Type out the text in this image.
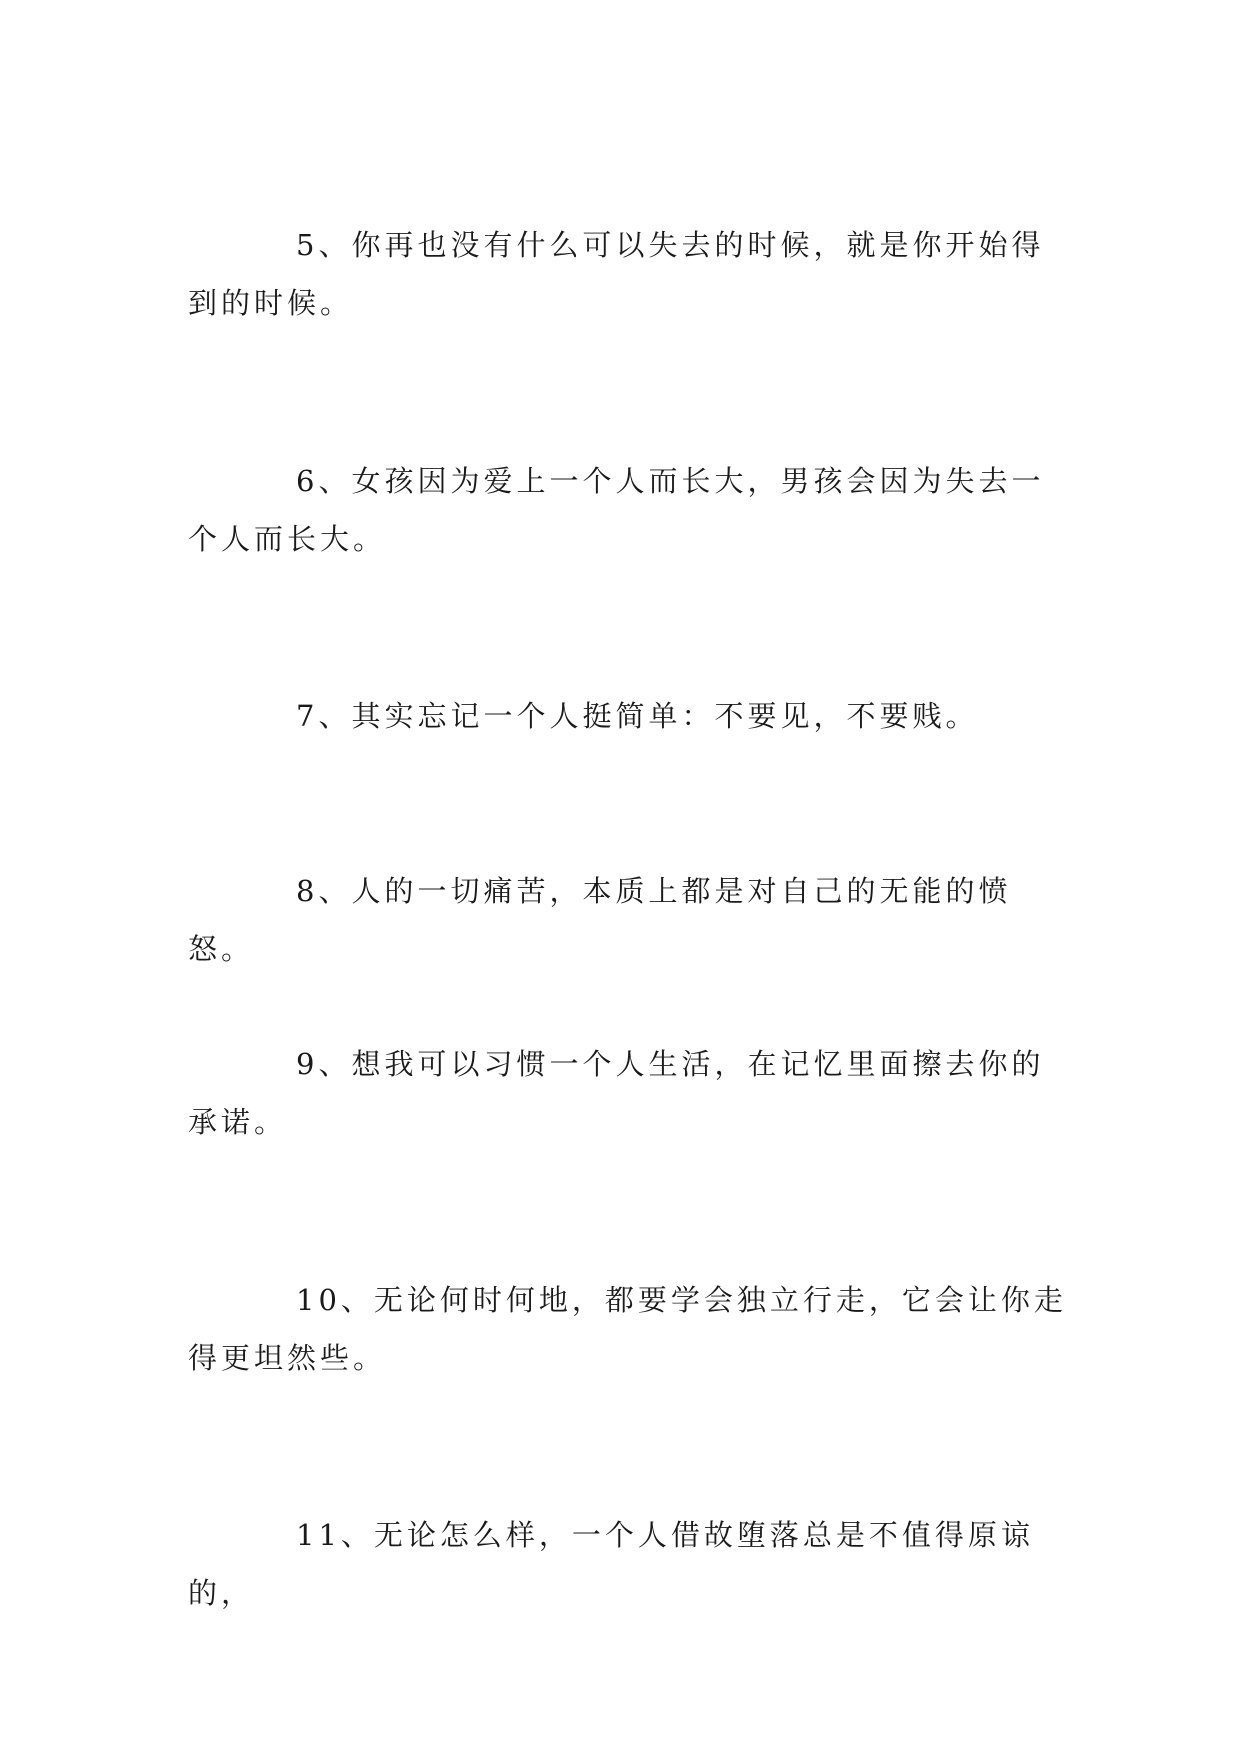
5、你再也没有什么可以失去的时候，就是你开始得到的时候。

6、女孩因为爱上一个人而长大，男孩会因为失去一个人而长大。

7、其实忘记一个人挺简单：不要见，不要贱。

8、人的一切痛苦，本质上都是对自己的无能的愤怒。

9、想我可以习惯一个人生活，在记忆里面擦去你的承诺。

10、无论何时何地，都要学会独立行走，它会让你走得更坦然些。

11、无论怎么样，一个人借故堕落总是不值得原谅的，
